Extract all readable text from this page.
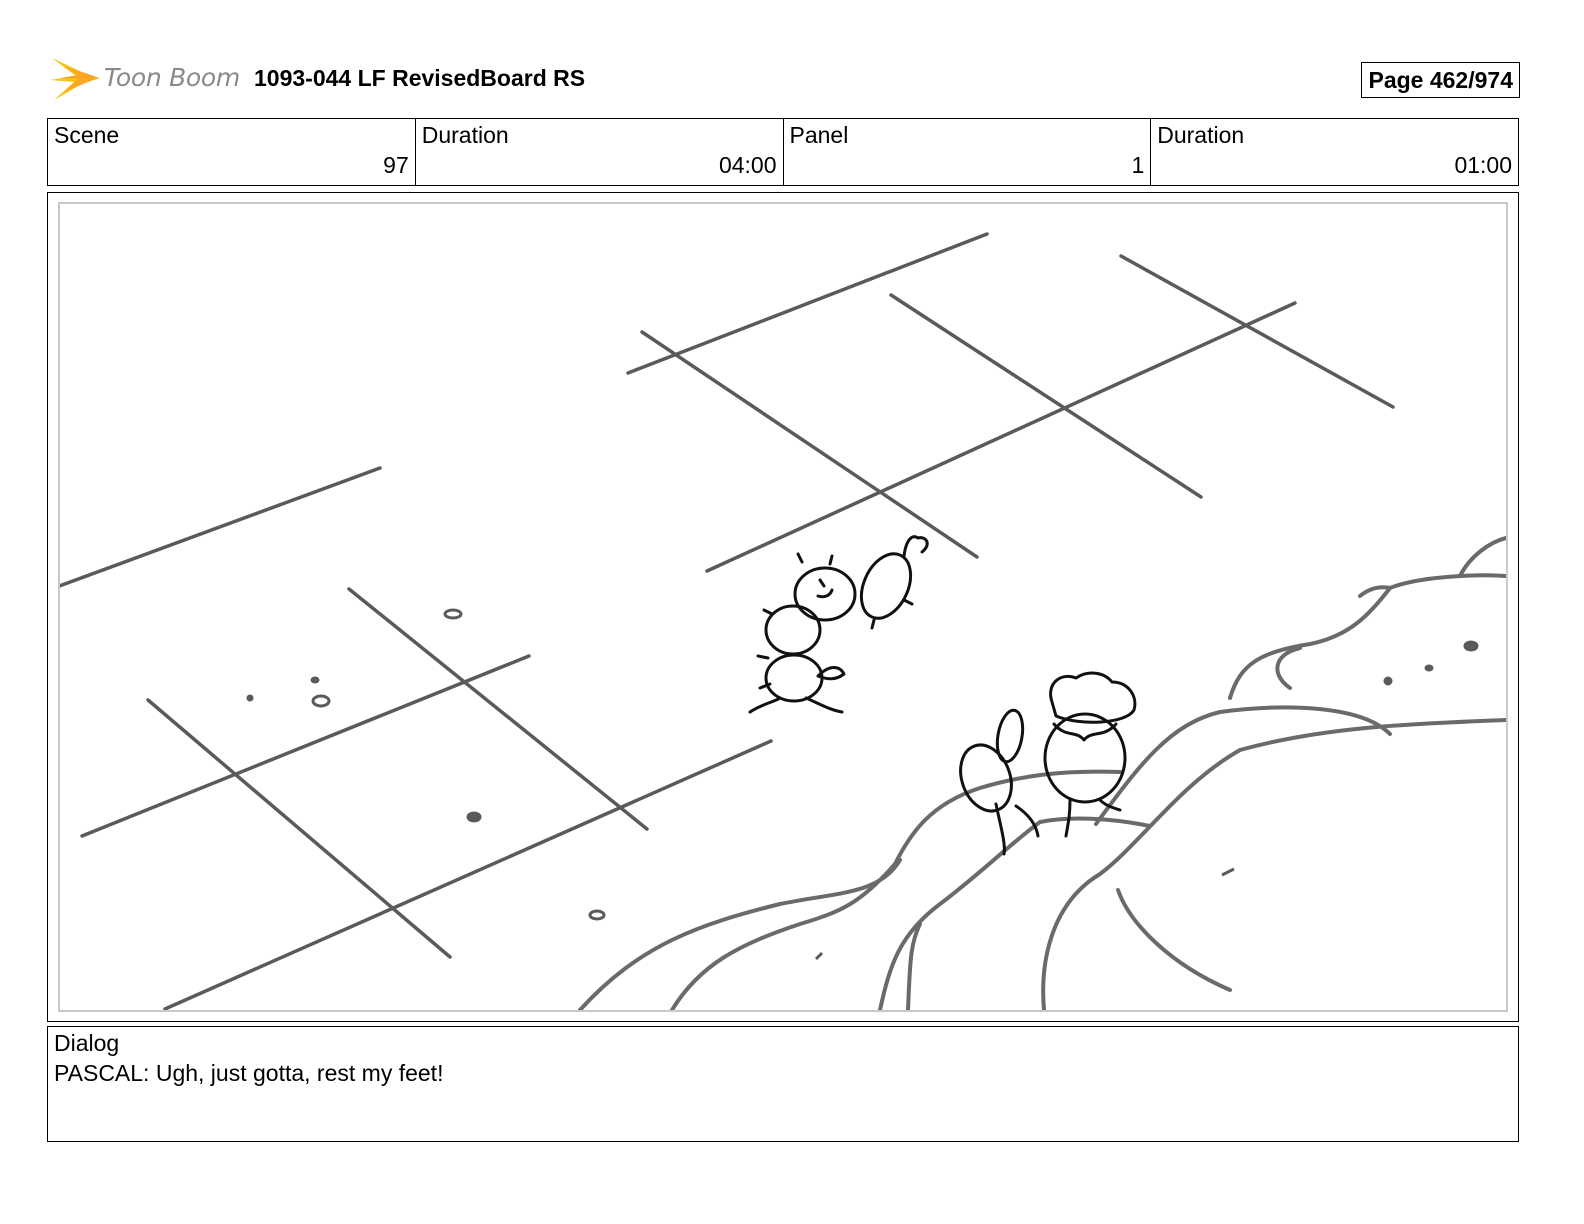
Toon Boom 1093-044 LF RevisedBoard RS	Page 462/974
Scene
97
Duration
04:00
Panel
1
Duration
01:00
Dialog
PASCAL: Ugh, just gotta, rest my feet!
